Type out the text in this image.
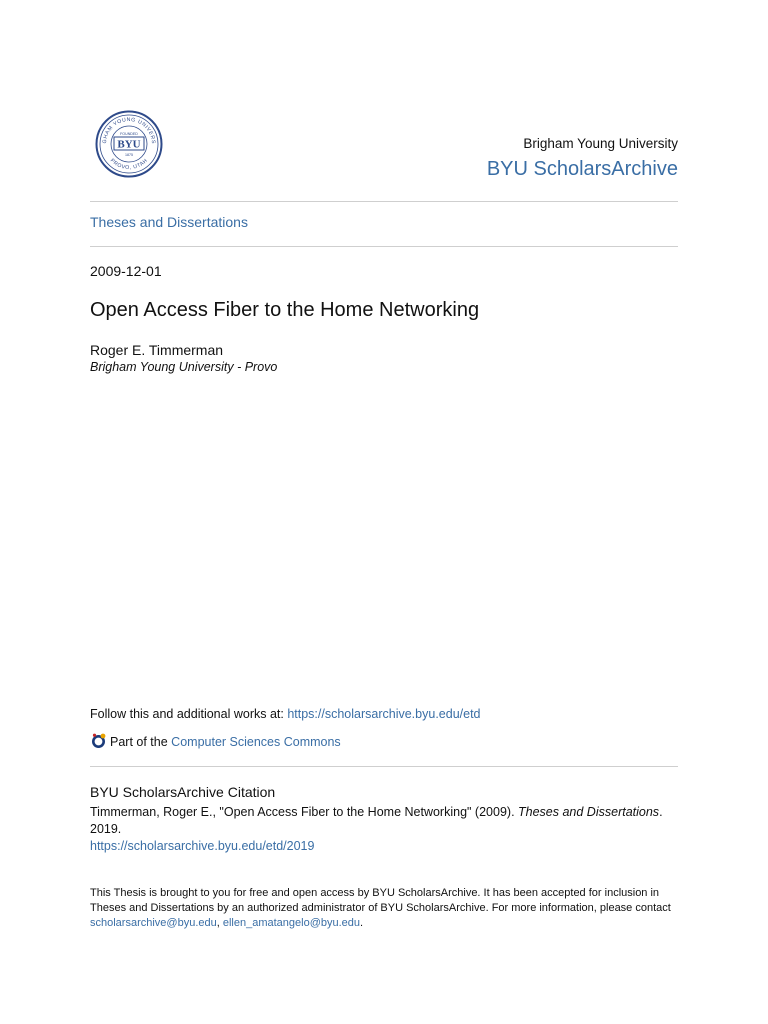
GHAM YOUNG UNIVERS
PROVO, UTAH
FOUNDED
BYU
1875
Brigham Young University
BYU ScholarsArchive
Theses and Dissertations
2009-12-01
Open Access Fiber to the Home Networking
Roger E. Timmerman
Brigham Young University - Provo
Follow this and additional works at: https://scholarsarchive.byu.edu/etd
Part of the
Computer Sciences Commons
BYU ScholarsArchive Citation
Timmerman, Roger E., "Open Access Fiber to the Home Networking" (2009). Theses and Dissertations. 2019.
https://scholarsarchive.byu.edu/etd/2019
This Thesis is brought to you for free and open access by BYU ScholarsArchive. It has been accepted for inclusion in Theses and Dissertations by an authorized administrator of BYU ScholarsArchive. For more information, please contact scholarsarchive@byu.edu, ellen_amatangelo@byu.edu.
